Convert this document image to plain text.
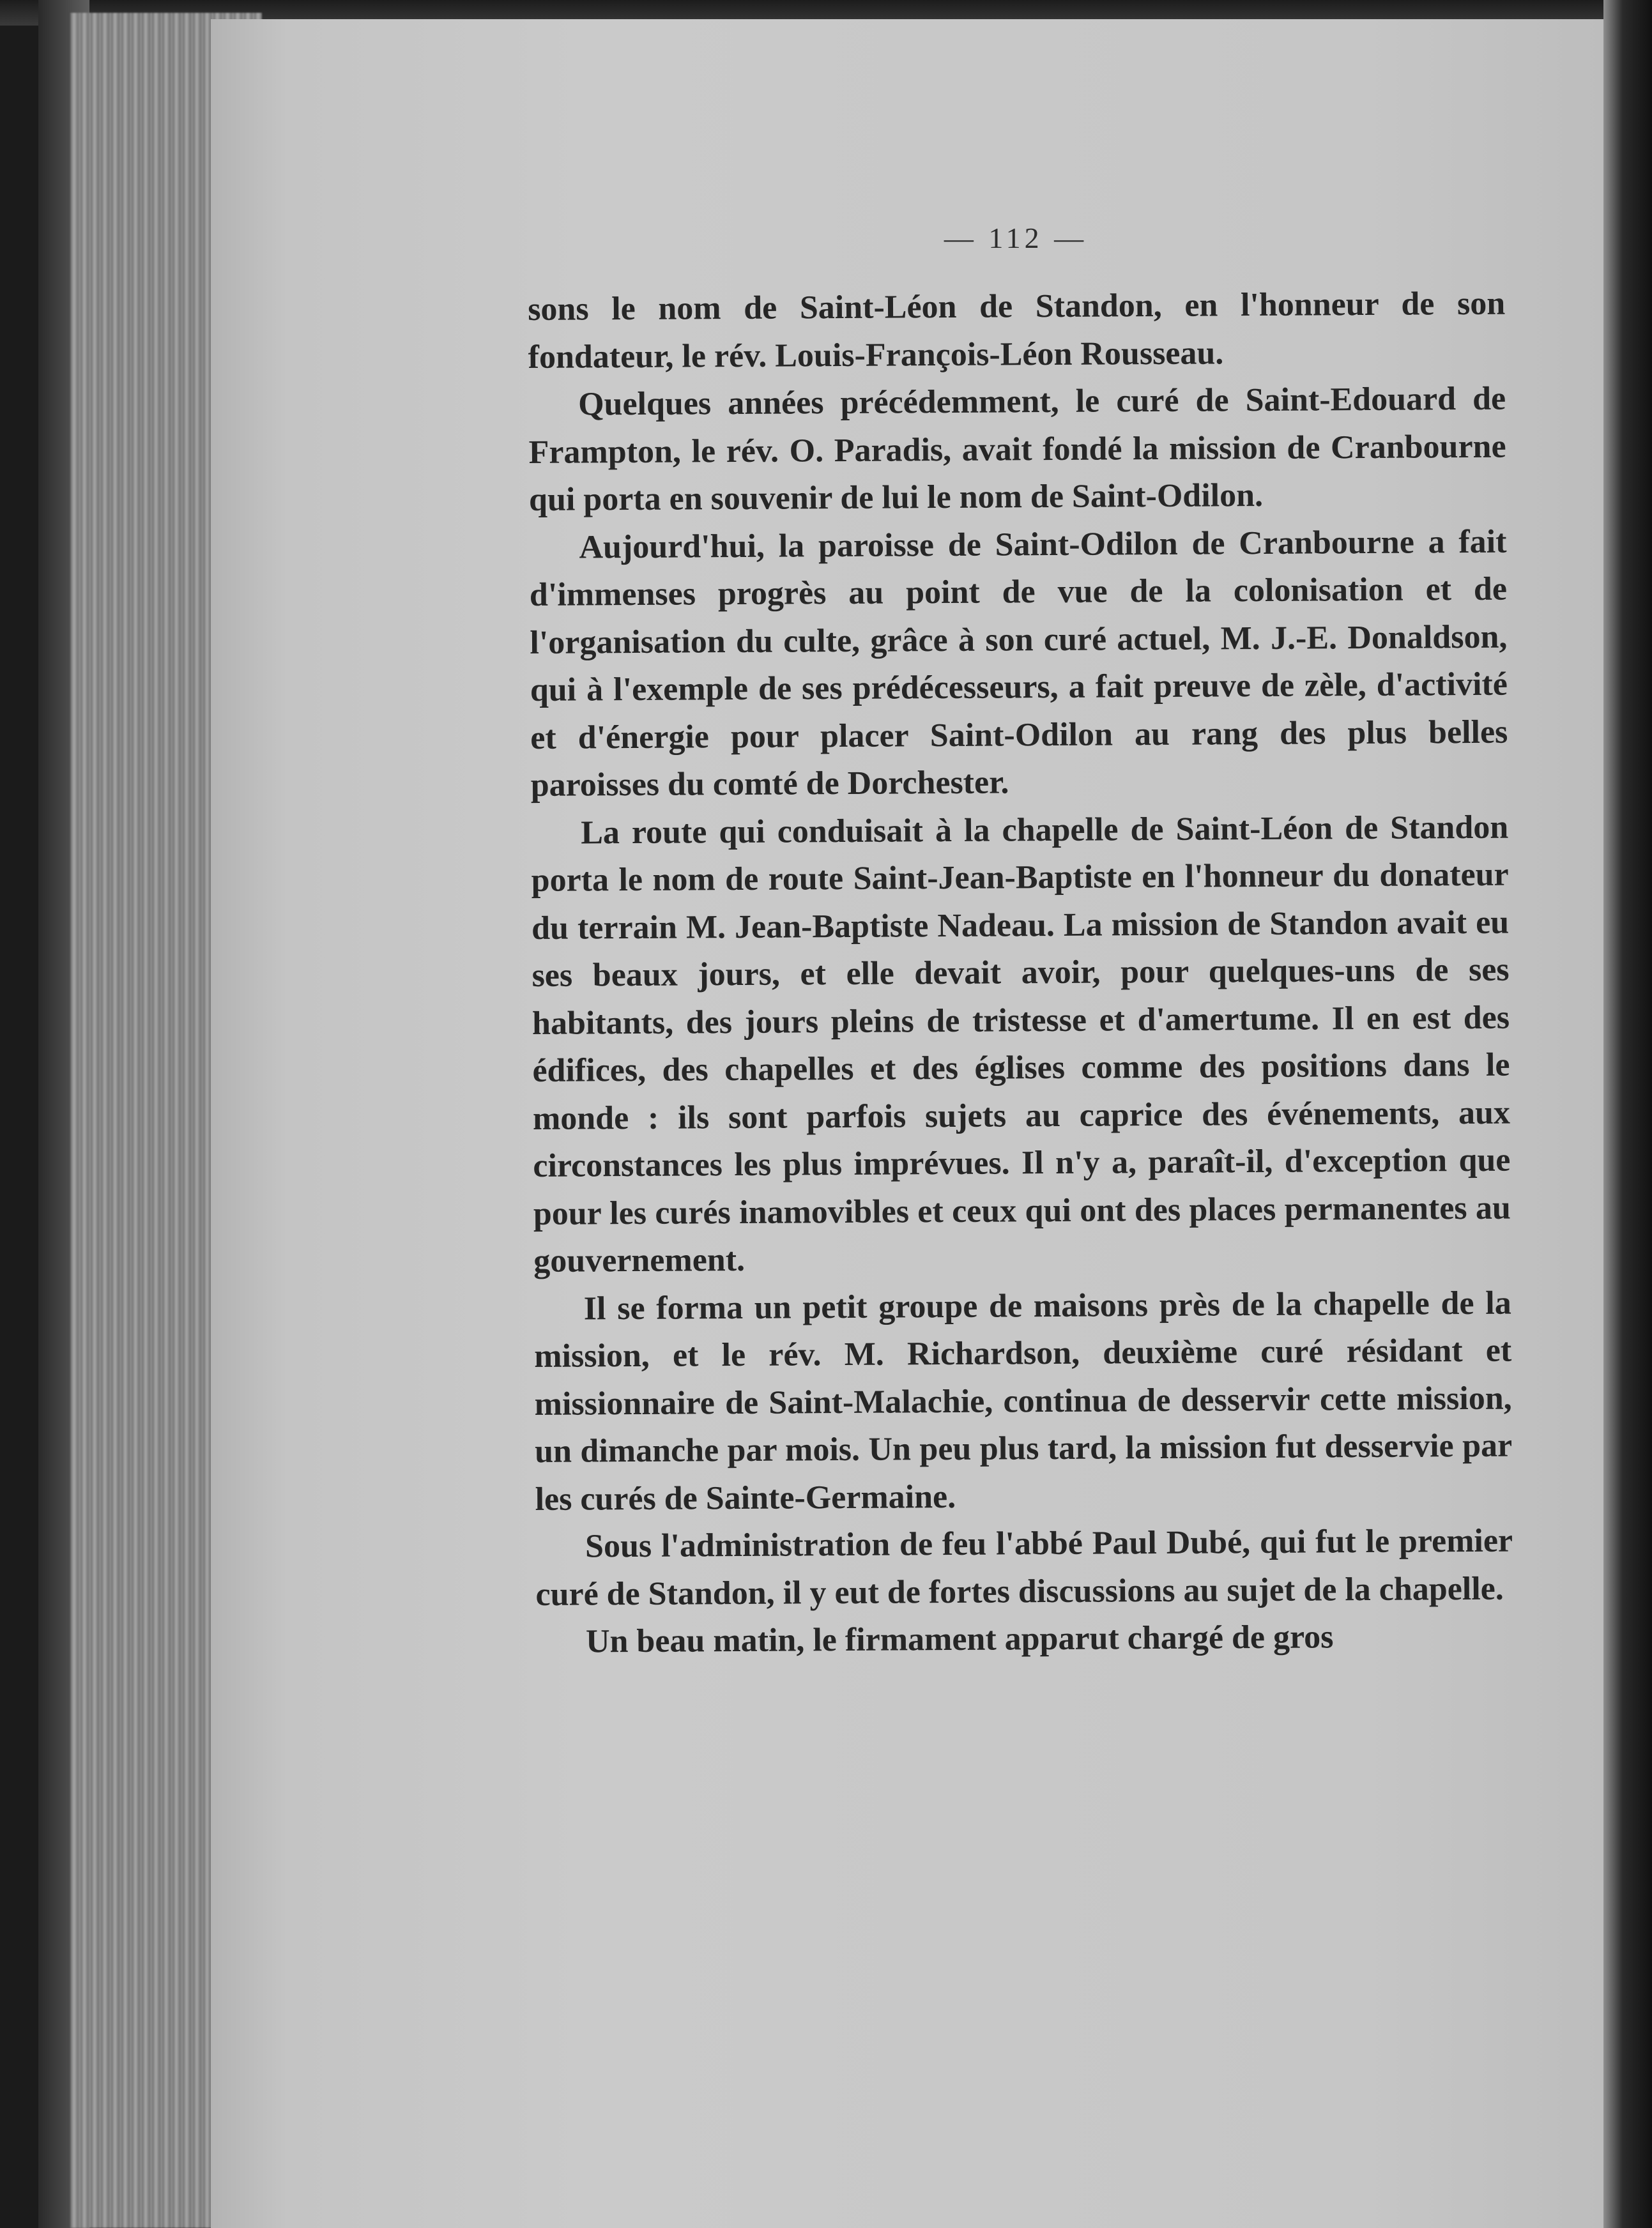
— 112 —

sons le nom de Saint-Léon de Standon, en l'honneur de son fondateur, le rév. Louis-François-Léon Rousseau.

Quelques années précédemment, le curé de Saint-Edouard de Frampton, le rév. O. Paradis, avait fondé la mission de Cranbourne qui porta en souvenir de lui le nom de Saint-Odilon.

Aujourd'hui, la paroisse de Saint-Odilon de Cranbourne a fait d'immenses progrès au point de vue de la colonisation et de l'organisation du culte, grâce à son curé actuel, M. J.-E. Donaldson, qui à l'exemple de ses prédécesseurs, a fait preuve de zèle, d'activité et d'énergie pour placer Saint-Odilon au rang des plus belles paroisses du comté de Dorchester.

La route qui conduisait à la chapelle de Saint-Léon de Standon porta le nom de route Saint-Jean-Baptiste en l'honneur du donateur du terrain M. Jean-Baptiste Nadeau. La mission de Standon avait eu ses beaux jours, et elle devait avoir, pour quelques-uns de ses habitants, des jours pleins de tristesse et d'amertume. Il en est des édifices, des chapelles et des églises comme des positions dans le monde : ils sont parfois sujets au caprice des événements, aux circonstances les plus imprévues. Il n'y a, paraît-il, d'exception que pour les curés inamovibles et ceux qui ont des places permanentes au gouvernement.

Il se forma un petit groupe de maisons près de la chapelle de la mission, et le rév. M. Richardson, deuxième curé résidant et missionnaire de Saint-Malachie, continua de desservir cette mission, un dimanche par mois. Un peu plus tard, la mission fut desservie par les curés de Sainte-Germaine.

Sous l'administration de feu l'abbé Paul Dubé, qui fut le premier curé de Standon, il y eut de fortes discussions au sujet de la chapelle.

Un beau matin, le firmament apparut chargé de gros
